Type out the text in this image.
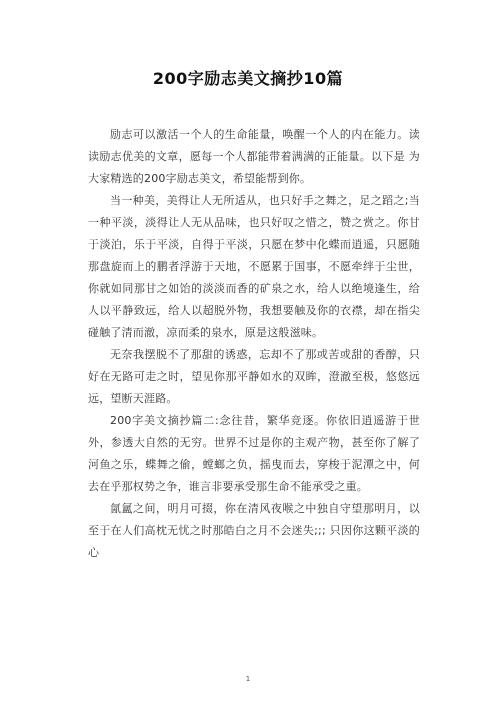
200字励志美文摘抄10篇

励志可以激活一个人的生命能量，唤醒一个人的内在能力。读读励志优美的文章，愿每一个人都能带着满满的正能量。以下是 为大家精选的200字励志美文，希望能帮到你。

当一种美，美得让人无所适从，也只好手之舞之，足之蹈之;当一种平淡，淡得让人无从品味，也只好叹之惜之，赞之赏之。你甘于淡泊，乐于平淡，自得于平淡，只愿在梦中化蝶而逍遥，只愿随那盘旋而上的鹏者浮游于天地，不愿累于国事，不愿牵绊于尘世，你就如同那甘之如饴的淡淡而香的矿泉之水，给人以绝境逢生，给人以平静致远，给人以超脱外物，我想要触及你的衣襟，却在指尖碰触了清而澈，凉而柔的泉水，原是这般滋味。

无奈我摆脱不了那甜的诱惑，忘却不了那或苦或甜的香醇，只好在无路可走之时，望见你那平静如水的双眸，澄澈至极，悠悠远远，望断天涯路。

200字美文摘抄篇二:念往昔，繁华竞逐。你依旧逍遥游于世外，参透大自然的无穷。世界不过是你的主观产物，甚至你了解了河鱼之乐，蝶舞之偷，螳螂之负，摇曳而去，穿梭于泥潭之中，何去在乎那权势之争，谁言非要承受那生命不能承受之重。

氤氲之间，明月可掇，你在清风夜喉之中独自守望那明月，以至于在人们高枕无忧之时那皓白之月不会迷失;;; 只因你这颗平淡的心

1
